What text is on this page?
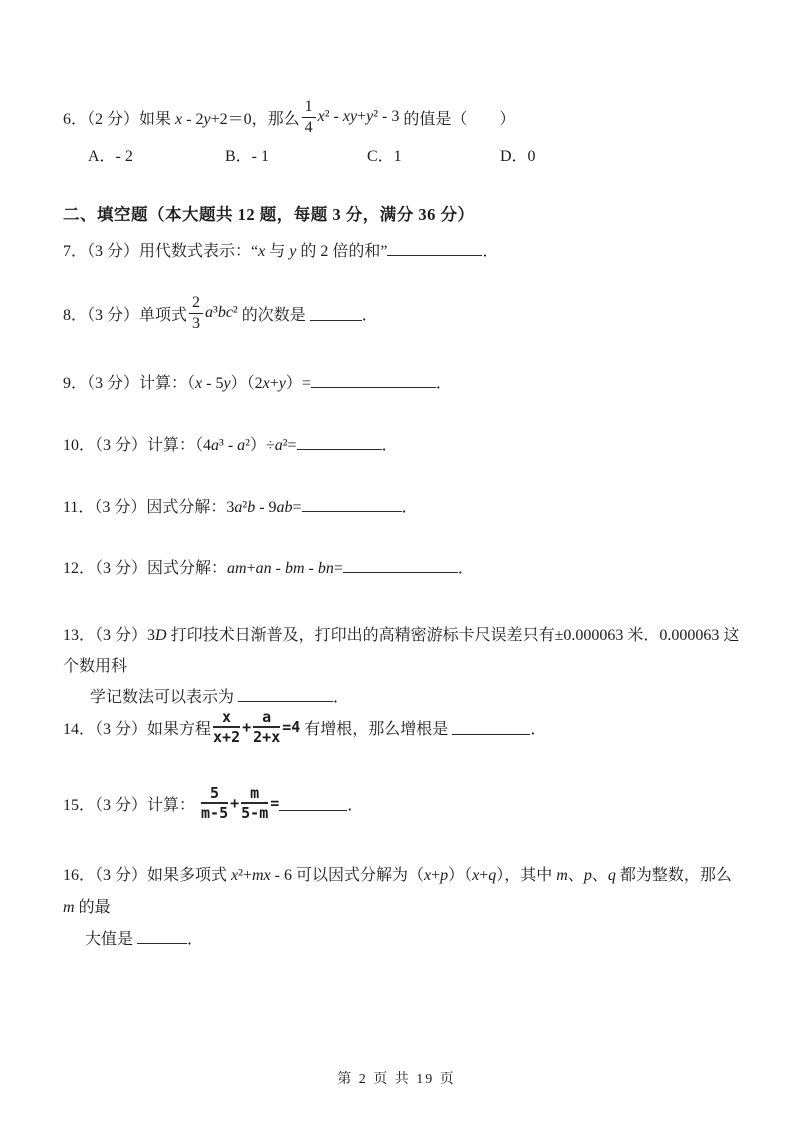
6．（2 分）如果 x - 2y+2＝0 ，那么 $\frac{1}{4} x^2 - xy+y^2 - 3$ 的值是（　　）
A．- 2	B．- 1	C．1	D．0
二、填空题（本大题共 12 题，每题 3 分，满分 36 分）
7．（3 分）用代数式表示：“x 与 y 的 2 倍的和”	．
8．（3 分）单项式 $\frac{2}{3} a^3bc^2$ 的次数是	．
9．（3 分）计算：（x - 5y）（2x+y）=	．
10．（3 分）计算：（4a³ - a²）÷a²=	．
11．（3 分）因式分解：3a²b - 9ab=	．
12．（3 分）因式分解：am+an - bm - bn=	．
13．（3 分）3D 打印技术日渐普及，打印出的高精密游标卡尺误差只有±0.000063 米．0.000063 这个数用科
学记数法可以表示为	．
14．（3 分）如果方程 $\frac{x}{x+2} + \frac{a}{2+x} =4$ 有增根，那么增根是	．
15．（3 分）计算： $\frac{5}{m-5} + \frac{m}{5-m}$ =	．
16．（3 分）如果多项式 x²+mx - 6 可以因式分解为（x+p）（x+q），其中 m、p、q 都为整数，那么 m 的最
大值是	．
第 2 页 共 19 页
